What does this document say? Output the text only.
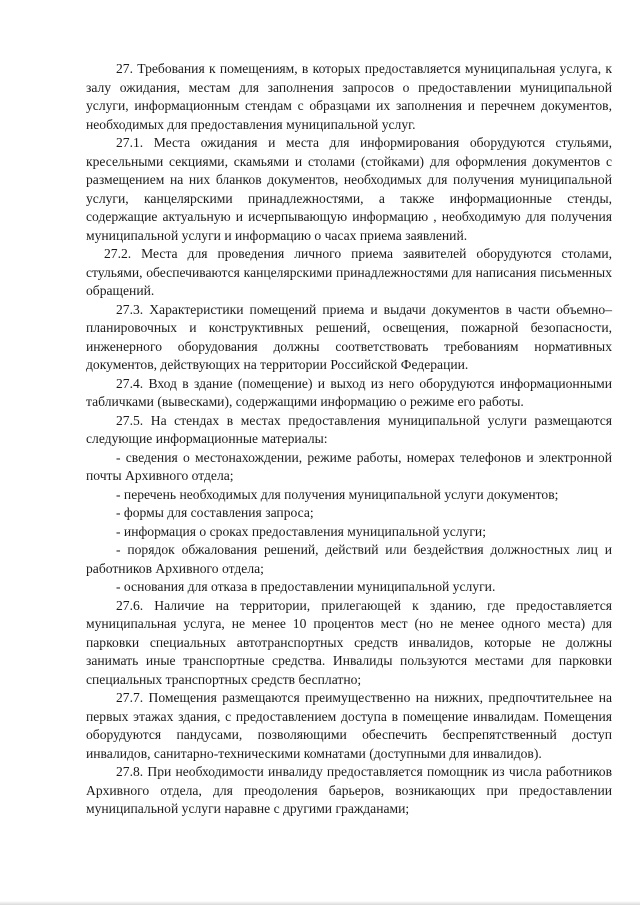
27. Требования к помещениям, в которых предоставляется муниципальная услуга, к залу ожидания, местам для заполнения запросов о предоставлении муниципальной услуги, информационным стендам с образцами их заполнения и перечнем документов, необходимых для предоставления муниципальной услуг.

27.1. Места ожидания и места для информирования оборудуются стульями, кресельными секциями, скамьями и столами (стойками) для оформления документов с размещением на них бланков документов, необходимых для получения муниципальной услуги, канцелярскими принадлежностями, а также информационные стенды, содержащие актуальную и исчерпывающую информацию , необходимую для получения муниципальной услуги и информацию о часах приема заявлений.

27.2. Места для проведения личного приема заявителей оборудуются столами, стульями, обеспечиваются канцелярскими принадлежностями для написания письменных обращений.

27.3. Характеристики помещений приема и выдачи документов в части объемно–планировочных и конструктивных решений, освещения, пожарной безопасности, инженерного оборудования должны соответствовать требованиям нормативных документов, действующих на территории Российской Федерации.

27.4. Вход в здание (помещение) и выход из него оборудуются информационными табличками (вывесками), содержащими информацию о режиме его работы.

27.5. На стендах в местах предоставления муниципальной услуги размещаются следующие информационные материалы:

- сведения о местонахождении, режиме работы, номерах телефонов и электронной почты Архивного отдела;

- перечень необходимых для получения муниципальной услуги документов;

- формы для составления запроса;

- информация о сроках предоставления муниципальной услуги;

- порядок обжалования решений, действий или бездействия должностных лиц и работников Архивного отдела;

- основания для отказа в предоставлении муниципальной услуги.

27.6. Наличие на территории, прилегающей к зданию, где предоставляется муниципальная услуга, не менее 10 процентов мест (но не менее одного места) для парковки специальных автотранспортных средств инвалидов, которые не должны занимать иные транспортные средства. Инвалиды пользуются местами для парковки специальных транспортных средств бесплатно;

27.7. Помещения размещаются преимущественно на нижних, предпочтительнее на первых этажах здания, с предоставлением доступа в помещение инвалидам. Помещения оборудуются пандусами, позволяющими обеспечить беспрепятственный доступ инвалидов, санитарно-техническими комнатами (доступными для инвалидов).

27.8. При необходимости инвалиду предоставляется помощник из числа работников Архивного отдела, для преодоления барьеров, возникающих при предоставлении муниципальной услуги наравне с другими гражданами;
